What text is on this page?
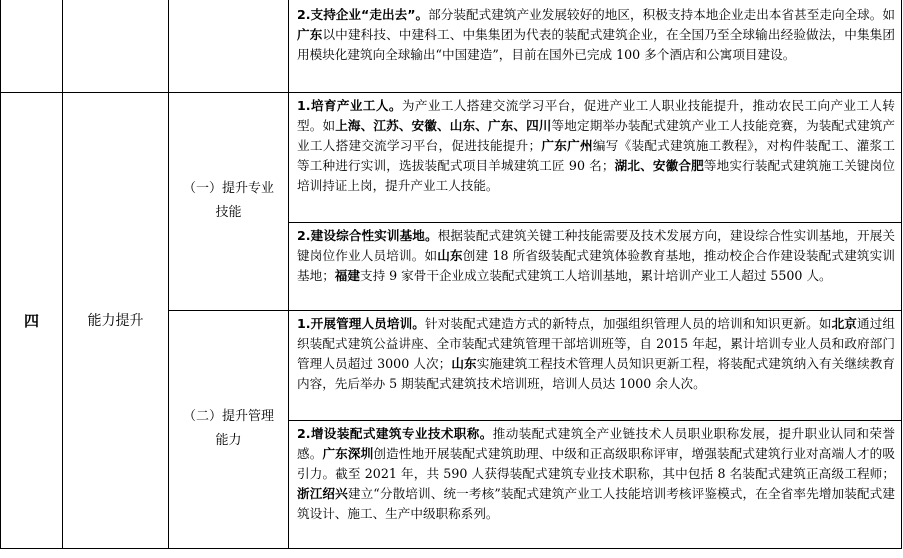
			2.支持企业“走出去”。部分装配式建筑产业发展较好的地区，积极支持本地企业走出本省甚至走向全球。如广东以中建科技、中建科工、中集集团为代表的装配式建筑企业，在全国乃至全球输出经验做法，中集集团用模块化建筑向全球输出“中国建造”，目前在国外已完成 100 多个酒店和公寓项目建设。
四	能力提升	（一）提升专业技能	1.培育产业工人。为产业工人搭建交流学习平台，促进产业工人职业技能提升，推动农民工向产业工人转型。如上海、江苏、安徽、山东、广东、四川等地定期举办装配式建筑产业工人技能竞赛，为装配式建筑产业工人搭建交流学习平台，促进技能提升；广东广州编写《装配式建筑施工教程》，对构件装配工、灌浆工等工种进行实训，选拔装配式项目羊城建筑工匠 90 名；湖北、安徽合肥等地实行装配式建筑施工关键岗位培训持证上岗，提升产业工人技能。
			2.建设综合性实训基地。根据装配式建筑关键工种技能需要及技术发展方向，建设综合性实训基地，开展关键岗位作业人员培训。如山东创建 18 所省级装配式建筑体验教育基地，推动校企合作建设装配式建筑实训基地；福建支持 9 家骨干企业成立装配式建筑工人培训基地，累计培训产业工人超过 5500 人。

		（二）提升管理能力	1.开展管理人员培训。针对装配式建造方式的新特点，加强组织管理人员的培训和知识更新。如北京通过组织装配式建筑公益讲座、全市装配式建筑管理干部培训班等，自 2015 年起，累计培训专业人员和政府部门管理人员超过 3000 人次；山东实施建筑工程技术管理人员知识更新工程，将装配式建筑纳入有关继续教育内容，先后举办 5 期装配式建筑技术培训班，培训人员达 1000 余人次。
			2.增设装配式建筑专业技术职称。推动装配式建筑全产业链技术人员职业职称发展，提升职业认同和荣誉感。广东深圳创造性地开展装配式建筑助理、中级和正高级职称评审，增强装配式建筑行业对高端人才的吸引力。截至 2021 年，共 590 人获得装配式建筑专业技术职称，其中包括 8 名装配式建筑正高级工程师；浙江绍兴建立“分散培训、统一考核”装配式建筑产业工人技能培训考核评鉴模式，在全省率先增加装配式建筑设计、施工、生产中级职称系列。
